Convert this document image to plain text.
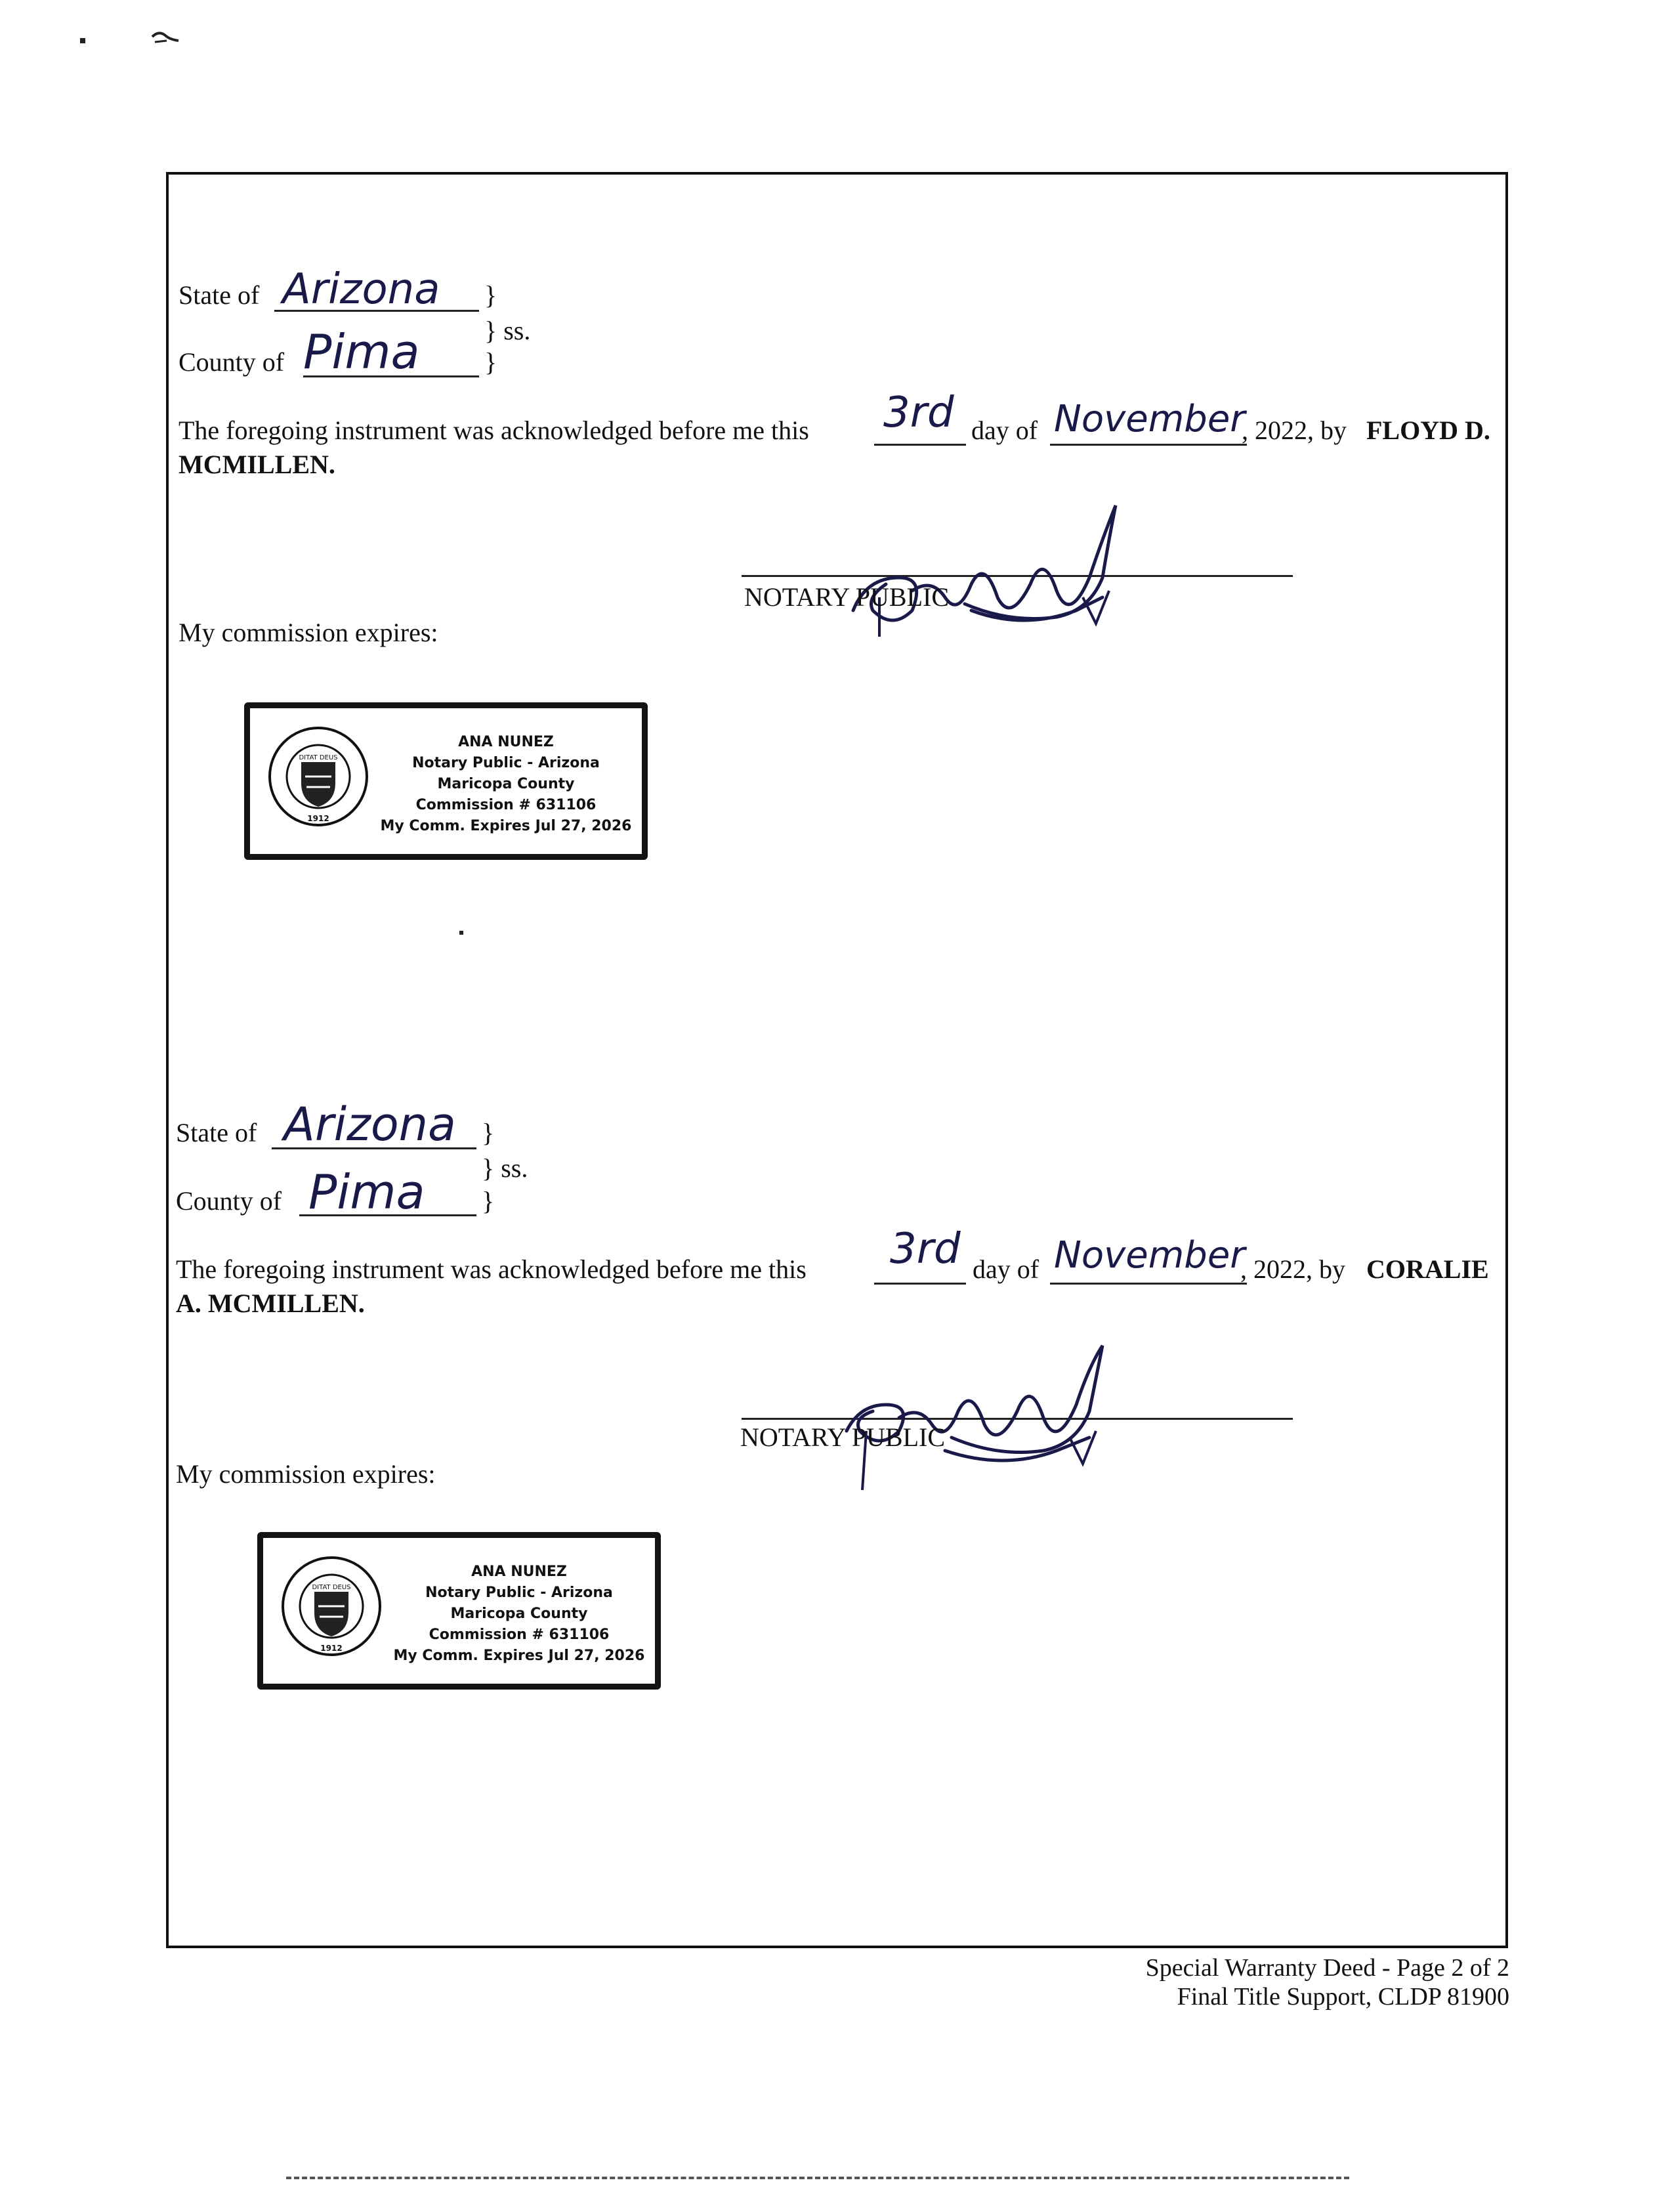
State of Arizona }
} ss.
County of Pima }
The foregoing instrument was acknowledged before me this 3rd day of November
, 2022, by FLOYD D.
MCMILLEN.
NOTARY PUBLIC
My commission expires:
DITAT DEUS
1912
ANA NUNEZ
Notary Public - Arizona
Maricopa County
Commission # 631106
My Comm. Expires Jul 27, 2026
State of Arizona }
} ss.
County of Pima }
The foregoing instrument was acknowledged before me this 3rd day of November
, 2022, by CORALIE
A. MCMILLEN.
NOTARY PUBLIC
My commission expires:
DITAT DEUS
1912
ANA NUNEZ
Notary Public - Arizona
Maricopa County
Commission # 631106
My Comm. Expires Jul 27, 2026
Special Warranty Deed - Page 2 of 2
Final Title Support, CLDP 81900
